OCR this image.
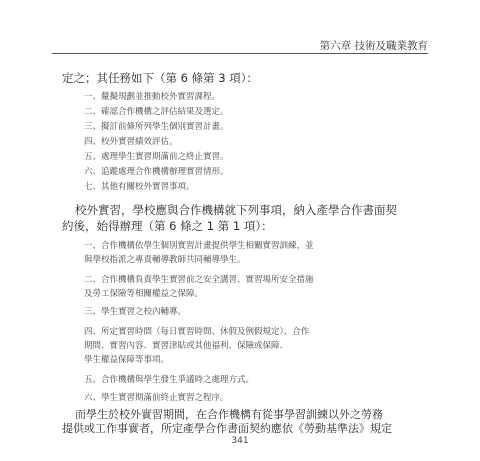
第六章 技術及職業教育
定之；其任務如下（第 6 條第 3 項）：
一、釐擬規劃並推動校外實習課程。
二、確認合作機構之評估結果及選定。
三、擬訂前條所列學生個別實習計畫。
四、校外實習績效評估。
五、處理學生實習期滿前之終止實習。
六、追蹤處理合作機構辦理實習情形。
七、其他有關校外實習事項。
校外實習，學校應與合作機構就下列事項，納入產學合作書面契
約後，始得辦理（第 6 條之 1 第 1 項）：
一、合作機構依學生個別實習計畫提供學生相關實習訓練，並
與學校指派之專責輔導教師共同輔導學生。
二、合作機構負責學生實習前之安全講習、實習場所安全措施
及勞工保險等相關權益之保障。
三、學生實習之校內輔導。
四、所定實習時間（每日實習時間、休假及例假規定）、合作
期間、實習內容、實習津貼或其他福利、保險或保障、
學生權益保障等事項。
五、合作機構與學生發生爭議時之處理方式。
六、學生實習期滿前終止實習之程序。
而學生於校外實習期間，在合作機構有從事學習訓練以外之勞務
提供或工作事實者，所定產學合作書面契約應依《勞動基準法》規定
341
